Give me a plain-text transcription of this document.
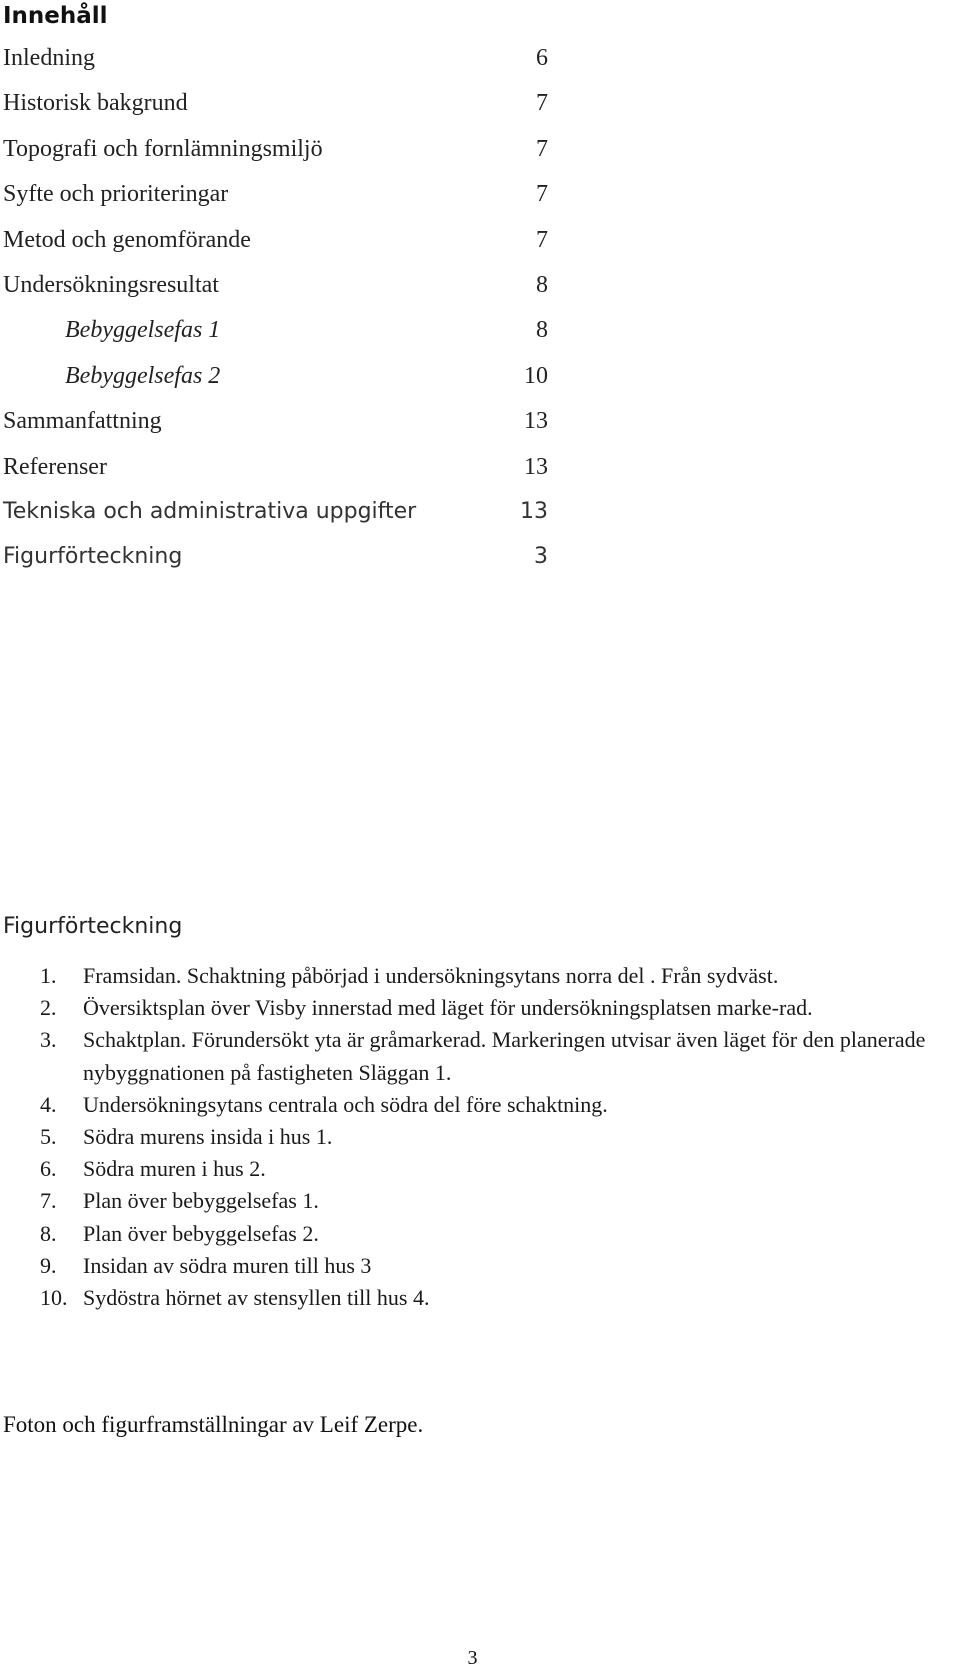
Innehåll
Inledning	6
Historisk bakgrund	7
Topografi och fornlämningsmiljö	7
Syfte och prioriteringar	7
Metod och genomförande	7
Undersökningsresultat	8
Bebyggelsefas 1	8
Bebyggelsefas 2	10
Sammanfattning	13
Referenser	13
Tekniska och administrativa uppgifter	13
Figurförteckning	3
Figurförteckning
1. Framsidan. Schaktning påbörjad i undersökningsytans norra del . Från sydväst.
2. Översiktsplan över Visby innerstad med läget för undersökningsplatsen marke-rad.
3. Schaktplan. Förundersökt yta är gråmarkerad. Markeringen utvisar även läget för den planerade nybyggnationen på fastigheten Släggan 1.
4. Undersökningsytans centrala och södra del före schaktning.
5. Södra murens insida i hus 1.
6. Södra muren i hus 2.
7. Plan över bebyggelsefas 1.
8. Plan över bebyggelsefas 2.
9. Insidan av södra muren till hus 3
10. Sydöstra hörnet av stensyllen till hus 4.
Foton och figurframställningar av Leif Zerpe.
3
